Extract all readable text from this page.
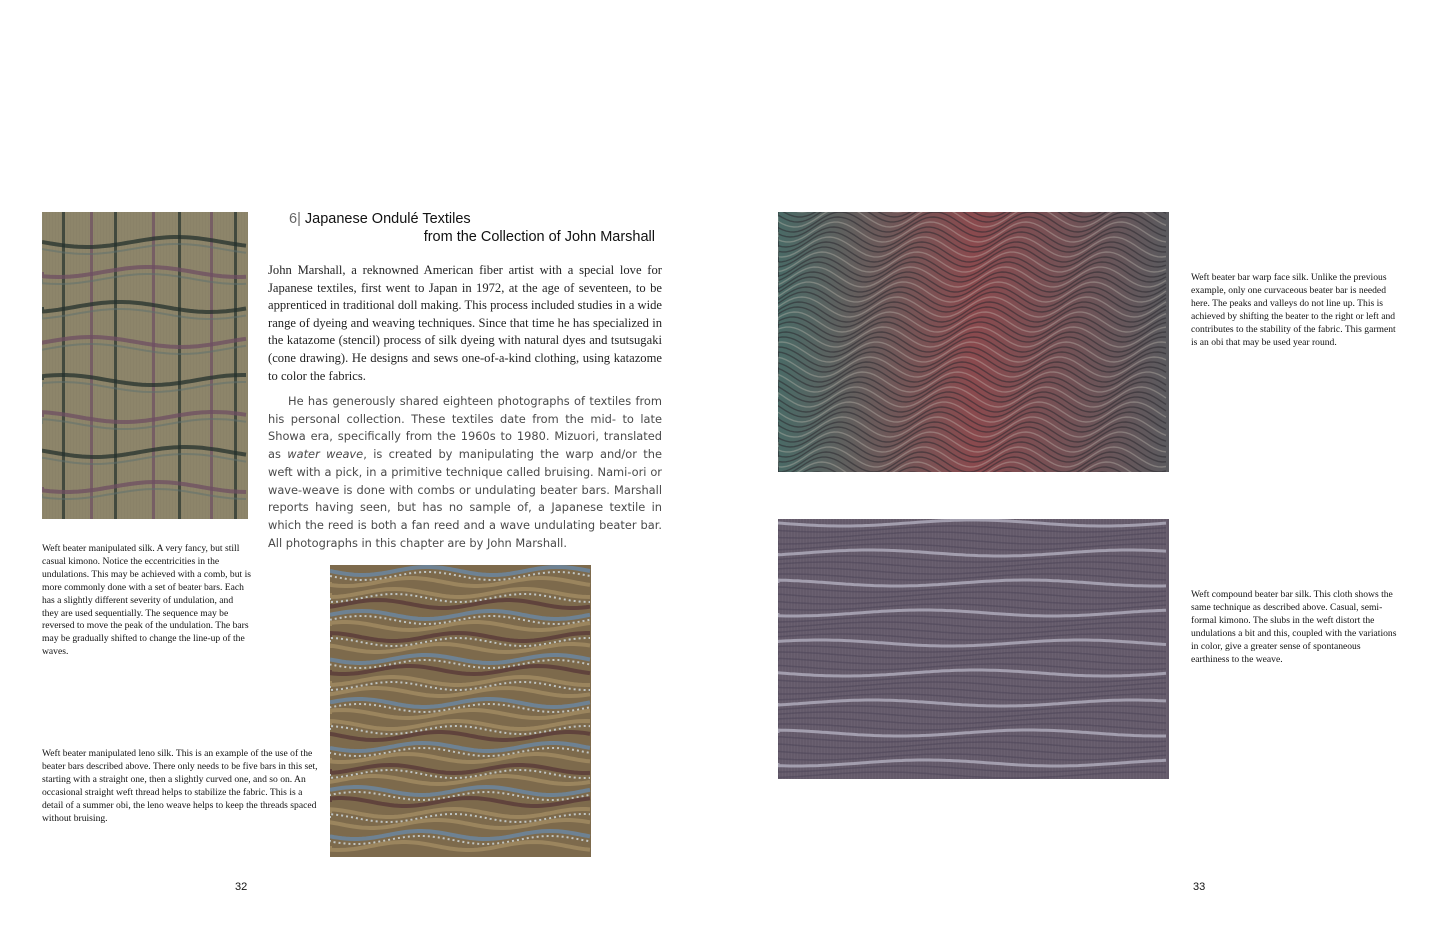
6| Japanese Ondulé Textiles
from the Collection of John Marshall
John Marshall, a reknowned American fiber artist with a special love for Japanese textiles, first went to Japan in 1972, at the age of seventeen, to be apprenticed in traditional doll making. This process included studies in a wide range of dyeing and weaving techniques. Since that time he has specialized in the katazome (stencil) process of silk dyeing with natural dyes and tsutsugaki (cone drawing). He designs and sews one-of-a-kind clothing, using katazome to color the fabrics.
He has generously shared eighteen photographs of textiles from his personal collection. These textiles date from the mid- to late Showa era, specifically from the 1960s to 1980. Mizuori, translated as water weave, is created by manipulating the warp and/or the weft with a pick, in a primitive technique called bruising. Nami-ori or wave-weave is done with combs or undulating beater bars. Marshall reports having seen, but has no sample of, a Japanese textile in which the reed is both a fan reed and a wave undulating beater bar. All photographs in this chapter are by John Marshall.
Weft beater manipulated silk. A very fancy, but still casual kimono. Notice the eccentricities in the undulations. This may be achieved with a comb, but is more commonly done with a set of beater bars. Each has a slightly different severity of undulation, and they are used sequentially. The sequence may be reversed to move the peak of the undulation. The bars may be gradually shifted to change the line-up of the waves.
Weft beater manipulated leno silk. This is an example of the use of the beater bars described above. There only needs to be five bars in this set, starting with a straight one, then a slightly curved one, and so on. An occasional straight weft thread helps to stabilize the fabric. This is a detail of a summer obi, the leno weave helps to keep the threads spaced without bruising.
32
Weft beater bar warp face silk. Unlike the previous example, only one curvaceous beater bar is needed here. The peaks and valleys do not line up. This is achieved by shifting the beater to the right or left and contributes to the stability of the fabric. This garment is an obi that may be used year round.
Weft compound beater bar silk. This cloth shows the same technique as described above. Casual, semi-formal kimono. The slubs in the weft distort the undulations a bit and this, coupled with the variations in color, give a greater sense of spontaneous earthiness to the weave.
33
